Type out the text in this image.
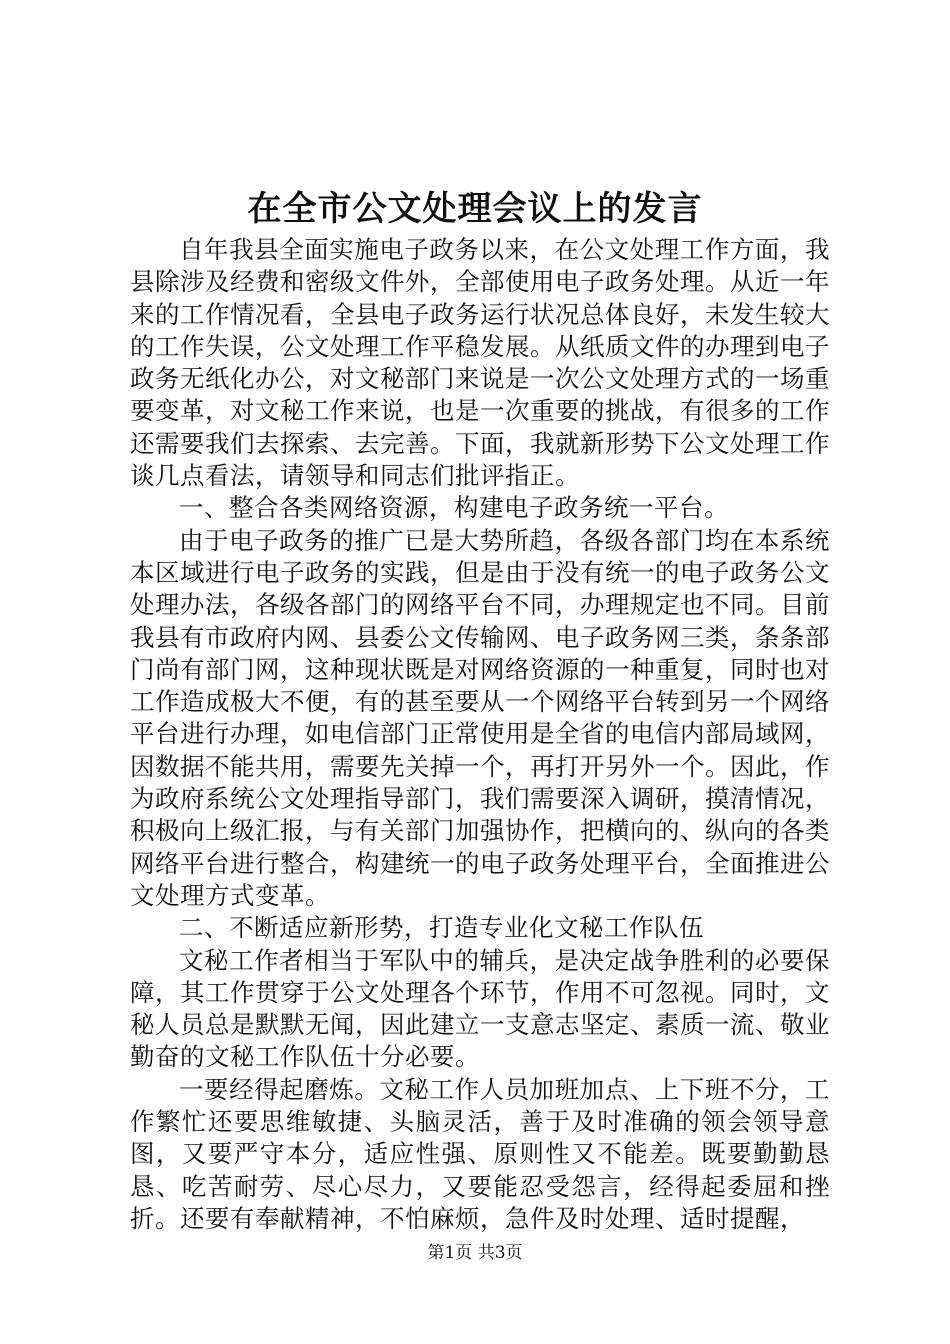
在全市公文处理会议上的发言

自年我县全面实施电子政务以来，在公文处理工作方面，我县除涉及经费和密级文件外，全部使用电子政务处理。从近一年来的工作情况看，全县电子政务运行状况总体良好，未发生较大的工作失误，公文处理工作平稳发展。从纸质文件的办理到电子政务无纸化办公，对文秘部门来说是一次公文处理方式的一场重要变革，对文秘工作来说，也是一次重要的挑战，有很多的工作还需要我们去探索、去完善。下面，我就新形势下公文处理工作谈几点看法，请领导和同志们批评指正。

一、整合各类网络资源，构建电子政务统一平台。

由于电子政务的推广已是大势所趋，各级各部门均在本系统本区域进行电子政务的实践，但是由于没有统一的电子政务公文处理办法，各级各部门的网络平台不同，办理规定也不同。目前我县有市政府内网、县委公文传输网、电子政务网三类，条条部门尚有部门网，这种现状既是对网络资源的一种重复，同时也对工作造成极大不便，有的甚至要从一个网络平台转到另一个网络平台进行办理，如电信部门正常使用是全省的电信内部局域网，因数据不能共用，需要先关掉一个，再打开另外一个。因此，作为政府系统公文处理指导部门，我们需要深入调研，摸清情况，积极向上级汇报，与有关部门加强协作，把横向的、纵向的各类网络平台进行整合，构建统一的电子政务处理平台，全面推进公文处理方式变革。

二、不断适应新形势，打造专业化文秘工作队伍

文秘工作者相当于军队中的辅兵，是决定战争胜利的必要保障，其工作贯穿于公文处理各个环节，作用不可忽视。同时，文秘人员总是默默无闻，因此建立一支意志坚定、素质一流、敬业勤奋的文秘工作队伍十分必要。

一要经得起磨炼。文秘工作人员加班加点、上下班不分，工作繁忙还要思维敏捷、头脑灵活，善于及时准确的领会领导意图，又要严守本分，适应性强、原则性又不能差。既要勤勤恳恳、吃苦耐劳、尽心尽力，又要能忍受怨言，经得起委屈和挫折。还要有奉献精神，不怕麻烦，急件及时处理、适时提醒，

第1页 共3页
